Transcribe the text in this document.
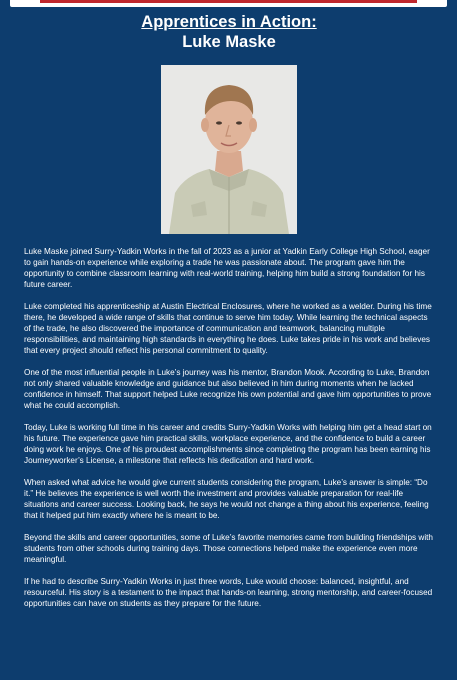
Apprentices in Action:
Luke Maske

Luke Maske joined Surry-Yadkin Works in the fall of 2023 as a junior at Yadkin Early College High School, eager to gain hands-on experience while exploring a trade he was passionate about. The program gave him the opportunity to combine classroom learning with real-world training, helping him build a strong foundation for his future career.

Luke completed his apprenticeship at Austin Electrical Enclosures, where he worked as a welder. During his time there, he developed a wide range of skills that continue to serve him today. While learning the technical aspects of the trade, he also discovered the importance of communication and teamwork, balancing multiple responsibilities, and maintaining high standards in everything he does. Luke takes pride in his work and believes that every project should reflect his personal commitment to quality.

One of the most influential people in Luke’s journey was his mentor, Brandon Mook. According to Luke, Brandon not only shared valuable knowledge and guidance but also believed in him during moments when he lacked confidence in himself. That support helped Luke recognize his own potential and gave him opportunities to prove what he could accomplish.

Today, Luke is working full time in his career and credits Surry-Yadkin Works with helping him get a head start on his future. The experience gave him practical skills, workplace experience, and the confidence to build a career doing work he enjoys. One of his proudest accomplishments since completing the program has been earning his Journeyworker’s License, a milestone that reflects his dedication and hard work.

When asked what advice he would give current students considering the program, Luke’s answer is simple: “Do it.” He believes the experience is well worth the investment and provides valuable preparation for real-life situations and career success. Looking back, he says he would not change a thing about his experience, feeling that it helped put him exactly where he is meant to be.

Beyond the skills and career opportunities, some of Luke’s favorite memories came from building friendships with students from other schools during training days. Those connections helped make the experience even more meaningful.

If he had to describe Surry-Yadkin Works in just three words, Luke would choose: balanced, insightful, and resourceful. His story is a testament to the impact that hands-on learning, strong mentorship, and career-focused opportunities can have on students as they prepare for the future.
